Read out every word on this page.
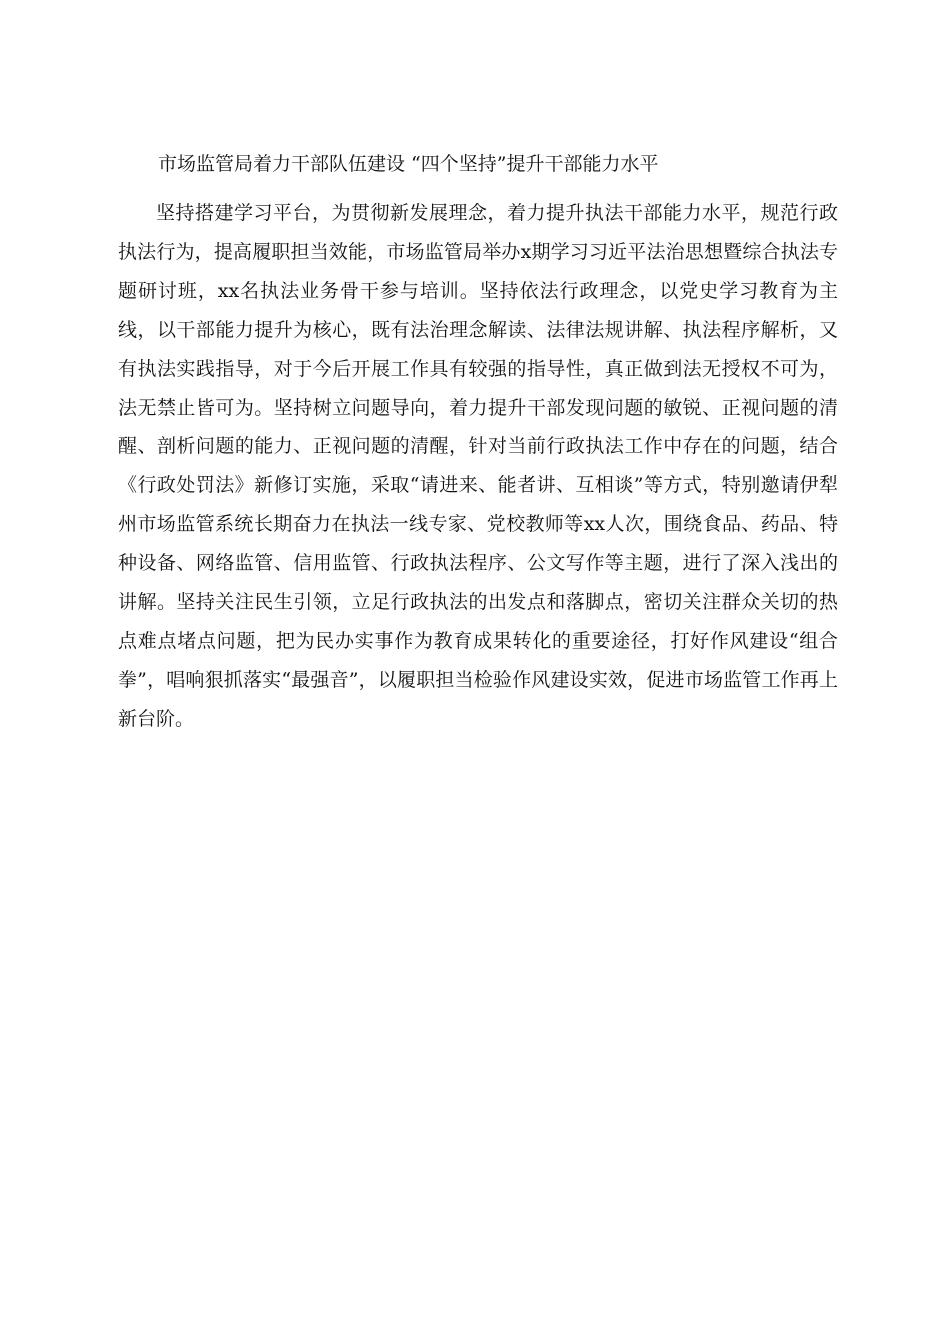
市场监管局着力干部队伍建设 “四个坚持”提升干部能力水平

坚持搭建学习平台，为贯彻新发展理念，着力提升执法干部能力水平，规范行政执法行为，提高履职担当效能，市场监管局举办x期学习习近平法治思想暨综合执法专题研讨班，xx名执法业务骨干参与培训。坚持依法行政理念，以党史学习教育为主线，以干部能力提升为核心，既有法治理念解读、法律法规讲解、执法程序解析，又有执法实践指导，对于今后开展工作具有较强的指导性，真正做到法无授权不可为，法无禁止皆可为。坚持树立问题导向，着力提升干部发现问题的敏锐、正视问题的清醒、剖析问题的能力、正视问题的清醒，针对当前行政执法工作中存在的问题，结合《行政处罚法》新修订实施，采取“请进来、能者讲、互相谈”等方式，特别邀请伊犁州市场监管系统长期奋力在执法一线专家、党校教师等xx人次，围绕食品、药品、特种设备、网络监管、信用监管、行政执法程序、公文写作等主题，进行了深入浅出的讲解。坚持关注民生引领，立足行政执法的出发点和落脚点，密切关注群众关切的热点难点堵点问题，把为民办实事作为教育成果转化的重要途径，打好作风建设“组合拳”，唱响狠抓落实“最强音”，以履职担当检验作风建设实效，促进市场监管工作再上新台阶。
